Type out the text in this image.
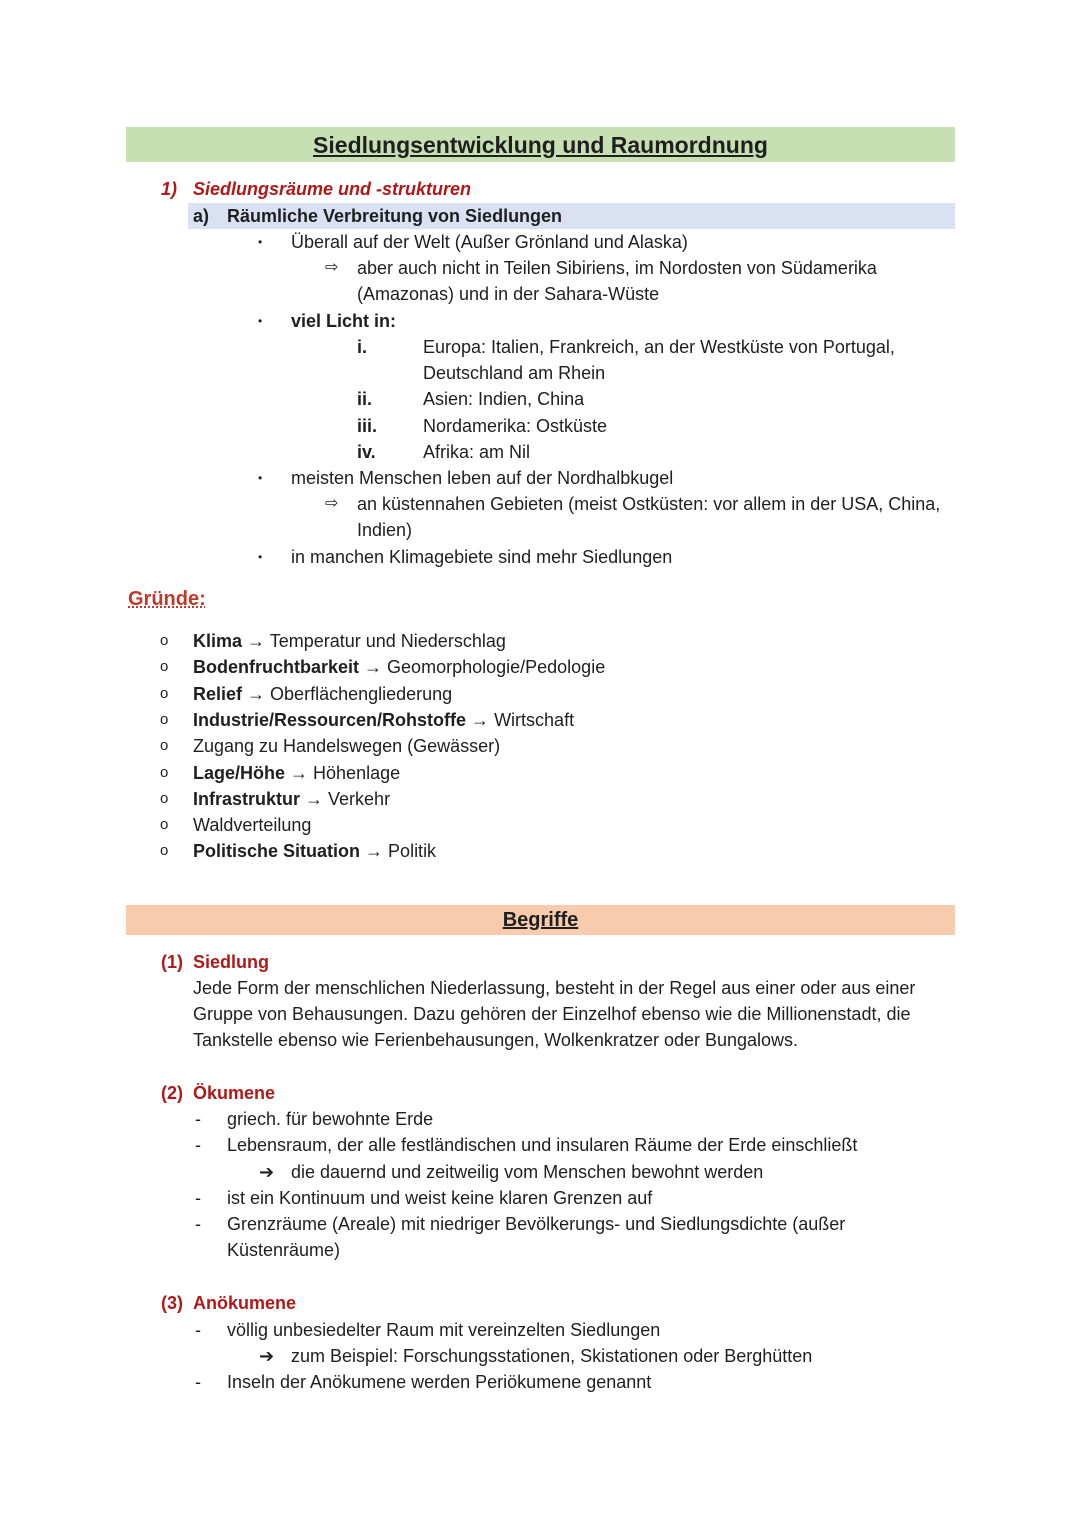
Siedlungsentwicklung und Raumordnung
1) Siedlungsräume und -strukturen
a) Räumliche Verbreitung von Siedlungen
• Überall auf der Welt (Außer Grönland und Alaska)
⇨ aber auch nicht in Teilen Sibiriens, im Nordosten von Südamerika
(Amazonas) und in der Sahara-Wüste
• viel Licht in:
i.	Europa: Italien, Frankreich, an der Westküste von Portugal,
Deutschland am Rhein
ii.	Asien: Indien, China
iii.	Nordamerika: Ostküste
iv.	Afrika: am Nil
• meisten Menschen leben auf der Nordhalbkugel
⇨ an küstennahen Gebieten (meist Ostküsten: vor allem in der USA, China,
Indien)
• in manchen Klimagebiete sind mehr Siedlungen
Gründe:
o Klima → Temperatur und Niederschlag
o Bodenfruchtbarkeit → Geomorphologie/Pedologie
o Relief → Oberflächengliederung
o Industrie/Ressourcen/Rohstoffe → Wirtschaft
o Zugang zu Handelswegen (Gewässer)
o Lage/Höhe → Höhenlage
o Infrastruktur → Verkehr
o Waldverteilung
o Politische Situation → Politik
Begriffe
(1) Siedlung
Jede Form der menschlichen Niederlassung, besteht in der Regel aus einer oder aus einer
Gruppe von Behausungen. Dazu gehören der Einzelhof ebenso wie die Millionenstadt, die
Tankstelle ebenso wie Ferienbehausungen, Wolkenkratzer oder Bungalows.
(2) Ökumene
- griech. für bewohnte Erde
- Lebensraum, der alle festländischen und insularen Räume der Erde einschließt
➔ die dauernd und zeitweilig vom Menschen bewohnt werden
- ist ein Kontinuum und weist keine klaren Grenzen auf
- Grenzräume (Areale) mit niedriger Bevölkerungs- und Siedlungsdichte (außer
Küstenräume)
(3) Anökumene
- völlig unbesiedelter Raum mit vereinzelten Siedlungen
➔ zum Beispiel: Forschungsstationen, Skistationen oder Berghütten
- Inseln der Anökumene werden Periökumene genannt
